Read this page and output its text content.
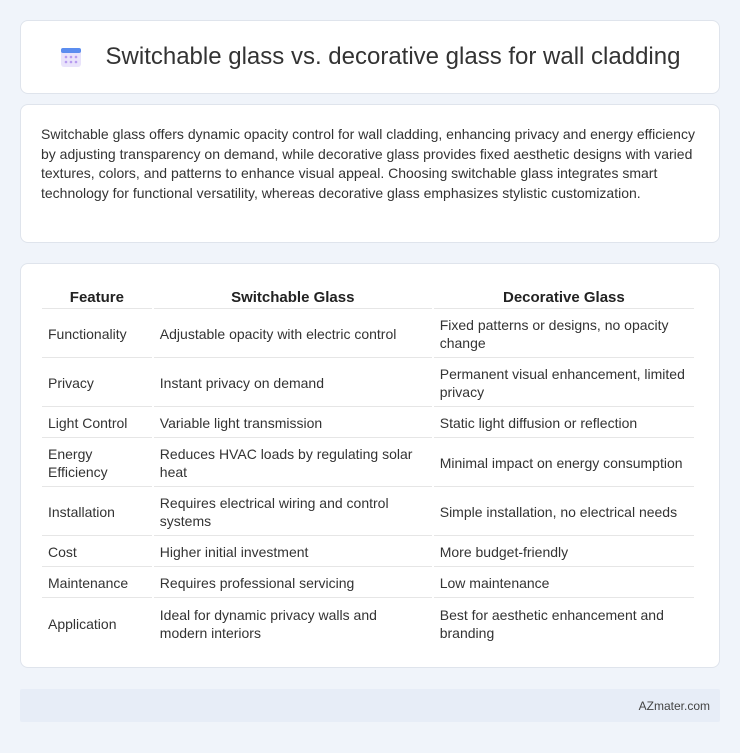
Switchable glass vs. decorative glass for wall cladding

Switchable glass offers dynamic opacity control for wall cladding, enhancing privacy and energy efficiency by adjusting transparency on demand, while decorative glass provides fixed aesthetic designs with varied textures, colors, and patterns to enhance visual appeal. Choosing switchable glass integrates smart technology for functional versatility, whereas decorative glass emphasizes stylistic customization.

Feature	Switchable Glass	Decorative Glass
Functionality	Adjustable opacity with electric control	Fixed patterns or designs, no opacity change
Privacy	Instant privacy on demand	Permanent visual enhancement, limited privacy
Light Control	Variable light transmission	Static light diffusion or reflection
Energy Efficiency	Reduces HVAC loads by regulating solar heat	Minimal impact on energy consumption
Installation	Requires electrical wiring and control systems	Simple installation, no electrical needs
Cost	Higher initial investment	More budget-friendly
Maintenance	Requires professional servicing	Low maintenance
Application	Ideal for dynamic privacy walls and modern interiors	Best for aesthetic enhancement and branding
AZmater.com
